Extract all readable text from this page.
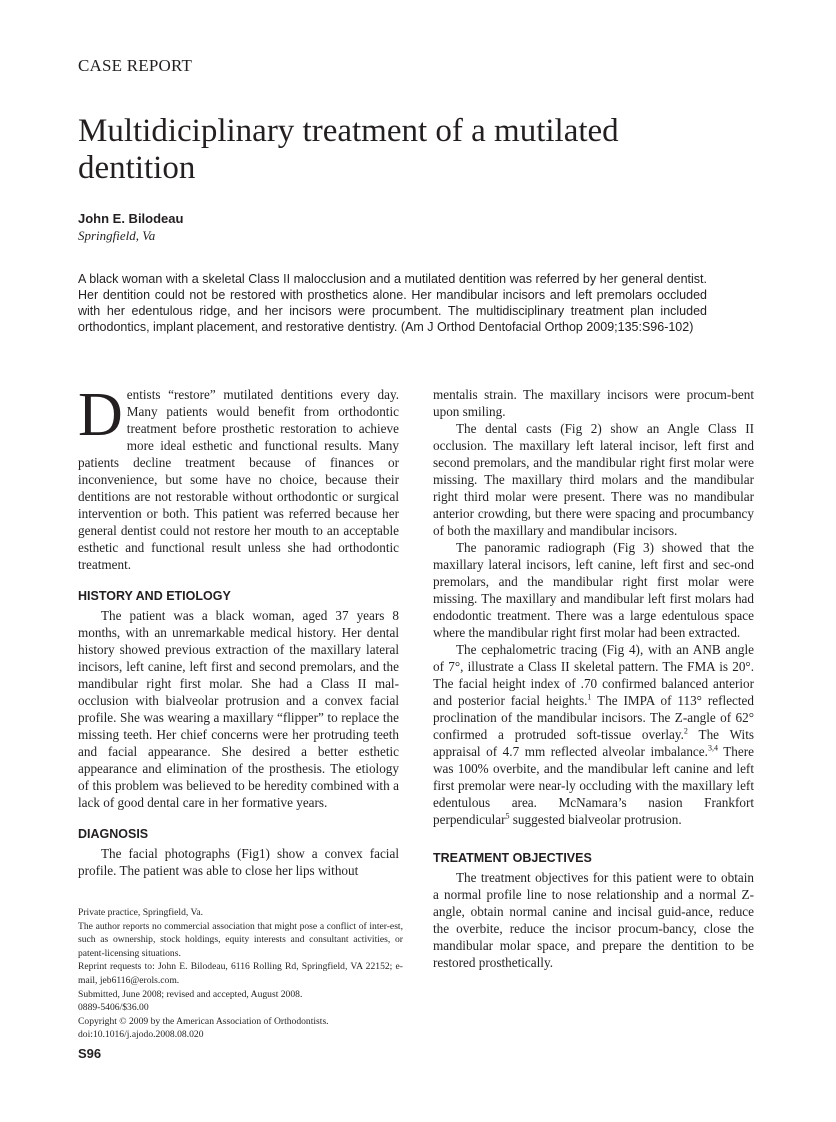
CASE REPORT
Multidiciplinary treatment of a mutilated dentition
John E. Bilodeau
Springfield, Va

A black woman with a skeletal Class II malocclusion and a mutilated dentition was referred by her general dentist. Her dentition could not be restored with prosthetics alone. Her mandibular incisors and left premolars occluded with her edentulous ridge, and her incisors were procumbent. The multidisciplinary treatment plan included orthodontics, implant placement, and restorative dentistry. (Am J Orthod Dentofacial Orthop 2009;135:S96-102)

Dentists “restore” mutilated dentitions every day. Many patients would benefit from orthodontic treatment before prosthetic restoration to achieve more ideal esthetic and functional results. Many patients decline treatment because of finances or inconvenience, but some have no choice, because their dentitions are not restorable without orthodontic or surgical intervention or both. This patient was referred because her general dentist could not restore her mouth to an acceptable esthetic and functional result unless she had orthodontic treatment.

HISTORY AND ETIOLOGY

The patient was a black woman, aged 37 years 8 months, with an unremarkable medical history. Her dental history showed previous extraction of the maxillary lateral incisors, left canine, left first and second premolars, and the mandibular right first molar. She had a Class II mal-occlusion with bialveolar protrusion and a convex facial profile. She was wearing a maxillary “flipper” to replace the missing teeth. Her chief concerns were her protruding teeth and facial appearance. She desired a better esthetic appearance and elimination of the prosthesis. The etiology of this problem was believed to be heredity combined with a lack of good dental care in her formative years.

DIAGNOSIS

The facial photographs (Fig1) show a convex facial profile. The patient was able to close her lips without

mentalis strain. The maxillary incisors were procum-bent upon smiling.

The dental casts (Fig 2) show an Angle Class II occlusion. The maxillary left lateral incisor, left first and second premolars, and the mandibular right first molar were missing. The maxillary third molars and the mandibular right third molar were present. There was no mandibular anterior crowding, but there were spacing and procumbancy of both the maxillary and mandibular incisors.

The panoramic radiograph (Fig 3) showed that the maxillary lateral incisors, left canine, left first and sec-ond premolars, and the mandibular right first molar were missing. The maxillary and mandibular left first molars had endodontic treatment. There was a large edentulous space where the mandibular right first molar had been extracted.

The cephalometric tracing (Fig 4), with an ANB angle of 7°, illustrate a Class II skeletal pattern. The FMA is 20°. The facial height index of .70 confirmed balanced anterior and posterior facial heights.$^1$ The IMPA of 113° reflected proclination of the mandibular incisors. The Z-angle of 62° confirmed a protruded soft-tissue overlay.$^2$ The Wits appraisal of 4.7 mm reflected alveolar imbalance.$^{3,4}$ There was 100% overbite, and the mandibular left canine and left first premolar were near-ly occluding with the maxillary left edentulous area. McNamara’s nasion Frankfort perpendicular$^5$ suggested bialveolar protrusion.

TREATMENT OBJECTIVES

The treatment objectives for this patient were to obtain a normal profile line to nose relationship and a normal Z-angle, obtain normal canine and incisal guid-ance, reduce the overbite, reduce the incisor procum-bancy, close the mandibular molar space, and prepare the dentition to be restored prosthetically.

Private practice, Springfield, Va.
The author reports no commercial association that might pose a conflict of inter-est, such as ownership, stock holdings, equity interests and consultant activities, or patent-licensing situations.
Reprint requests to: John E. Bilodeau, 6116 Rolling Rd, Springfield, VA 22152; e-mail, jeb6116@erols.com.
Submitted, June 2008; revised and accepted, August 2008.
0889-5406/$36.00
Copyright © 2009 by the American Association of Orthodontists.
doi:10.1016/j.ajodo.2008.08.020
S96
